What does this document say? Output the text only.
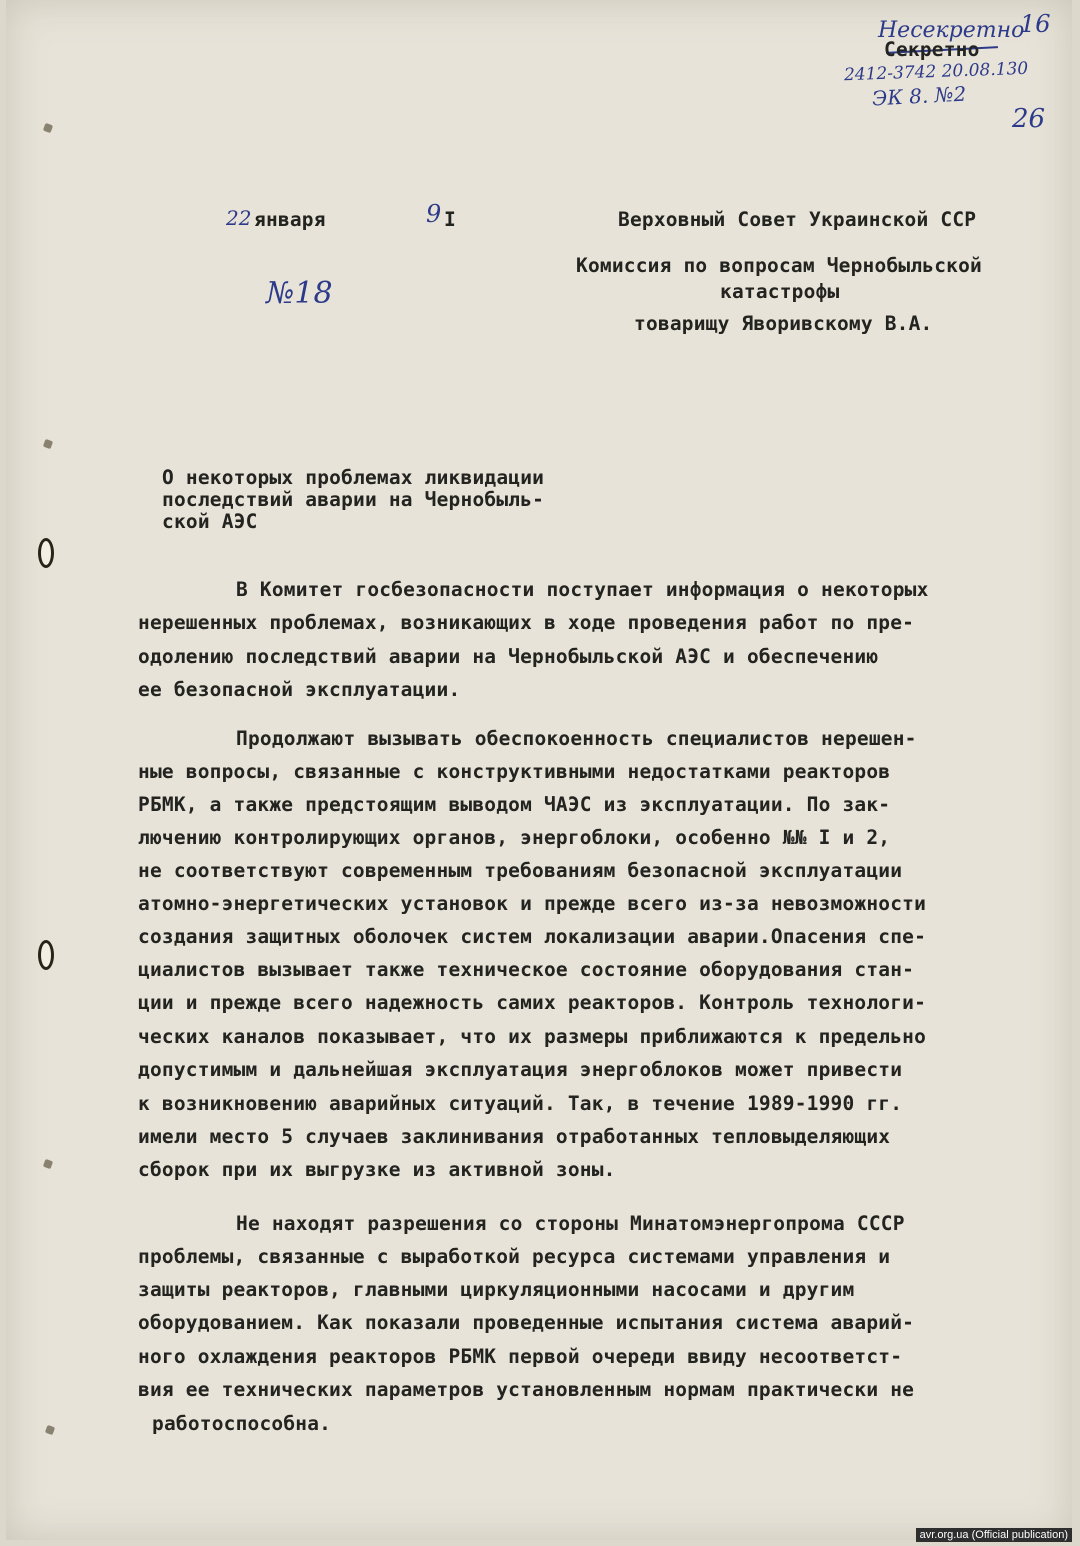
Несекретно
16
Секретно
2412-3742 20.08.130
ЭК 8. №2
26
22 января	9 I
№18
Верховный Совет Украинской ССР
Комиссия по вопросам Чернобыльской
катастрофы
товарищу Яворивскому В.А.
О некоторых проблемах ликвидации
последствий аварии на Чернобыль-
ской АЭС
В Комитет госбезопасности поступает информация о некоторых
нерешенных проблемах, возникающих в ходе проведения работ по пре-
одолению последствий аварии на Чернобыльской АЭС и обеспечению
ее безопасной эксплуатации.
Продолжают вызывать обеспокоенность специалистов нерешен-
ные вопросы, связанные с конструктивными недостатками реакторов
РБМК, а также предстоящим выводом ЧАЭС из эксплуатации. По зак-
лючению контролирующих органов, энергоблоки, особенно №№ I и 2,
не соответствуют современным требованиям безопасной эксплуатации
атомно-энергетических установок и прежде всего из-за невозможности
создания защитных оболочек систем локализации аварии.Опасения спе-
циалистов вызывает также техническое состояние оборудования стан-
ции и прежде всего надежность самих реакторов. Контроль технологи-
ческих каналов показывает, что их размеры приближаются к предельно
допустимым и дальнейшая эксплуатация энергоблоков может привести
к возникновению аварийных ситуаций. Так, в течение 1989-1990 гг.
имели место 5 случаев заклинивания отработанных тепловыделяющих
сборок при их выгрузке из активной зоны.
Не находят разрешения со стороны Минатомэнергопрома СССР
проблемы, связанные с выработкой ресурса системами управления и
защиты реакторов, главными циркуляционными насосами и другим
оборудованием. Как показали проведенные испытания система аварий-
ного охлаждения реакторов РБМК первой очереди ввиду несоответст-
вия ее технических параметров установленным нормам практически не
работоспособна.
avr.org.ua (Official publication)
